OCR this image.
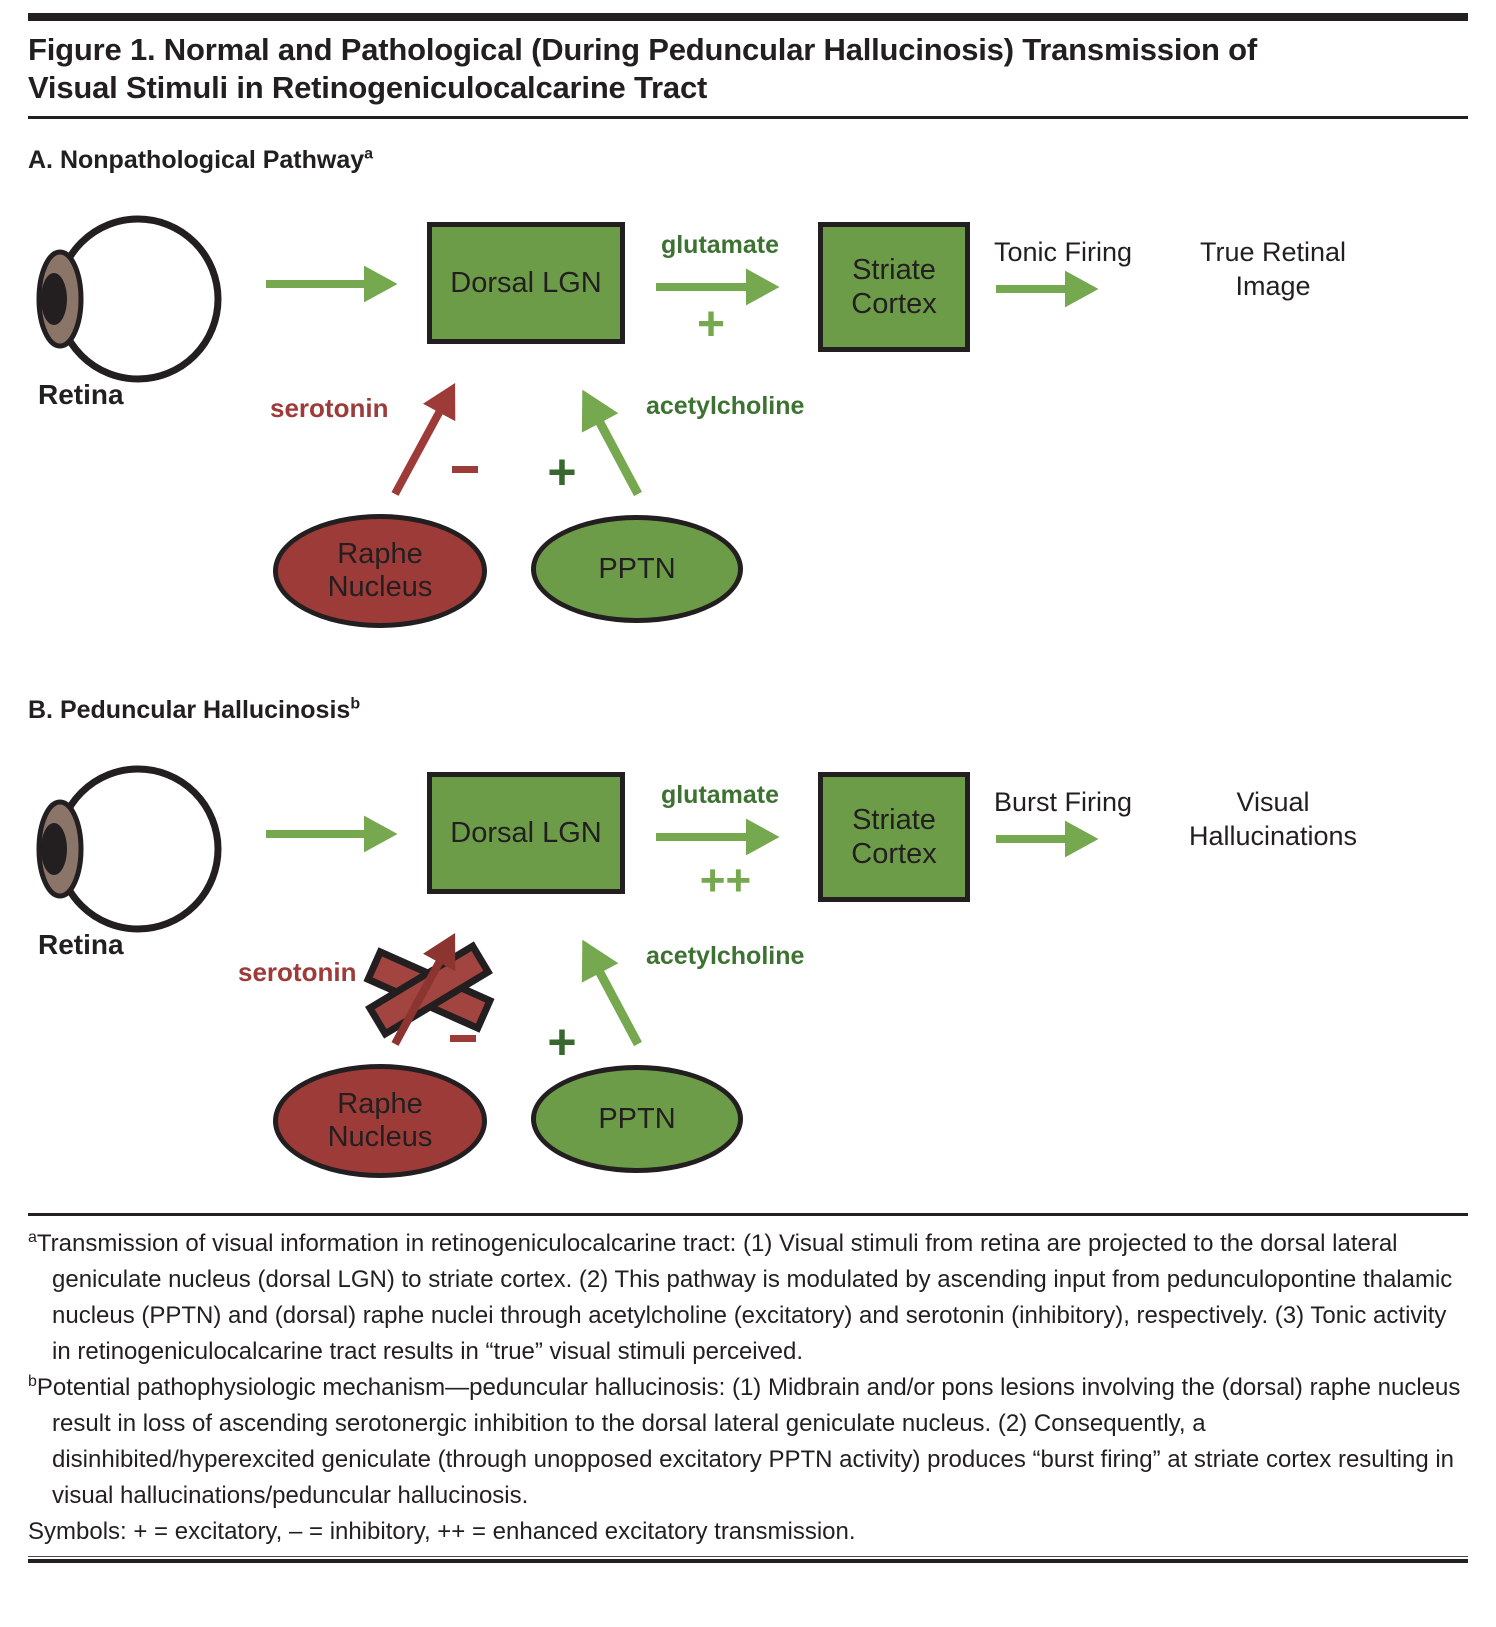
Figure 1. Normal and Pathological (During Peduncular Hallucinosis) Transmission of Visual Stimuli in Retinogeniculocalcarine Tract
A. Nonpathological Pathway$^a$
Retina
Dorsal LGN
glutamate
+
Striate
Cortex
Tonic Firing	True Retinal
Image
serotonin
+
acetylcholine
Raphe
Nucleus
PPTN
B. Peduncular Hallucinosis$^b$
Retina
Dorsal LGN
glutamate
++
Striate
Cortex
Burst Firing	Visual
Hallucinations
serotonin
+
acetylcholine
Raphe
Nucleus
PPTN

$^a$Transmission of visual information in retinogeniculocalcarine tract: (1) Visual stimuli from retina are projected to the dorsal lateral geniculate nucleus (dorsal LGN) to striate cortex. (2) This pathway is modulated by ascending input from pedunculopontine thalamic nucleus (PPTN) and (dorsal) raphe nuclei through acetylcholine (excitatory) and serotonin (inhibitory), respectively. (3) Tonic activity in retinogeniculocalcarine tract results in “true” visual stimuli perceived.

$^b$Potential pathophysiologic mechanism—peduncular hallucinosis: (1) Midbrain and/or pons lesions involving the (dorsal) raphe nucleus result in loss of ascending serotonergic inhibition to the dorsal lateral geniculate nucleus. (2) Consequently, a disinhibited/hyperexcited geniculate (through unopposed excitatory PPTN activity) produces “burst firing” at striate cortex resulting in visual hallucinations/peduncular hallucinosis.

Symbols: + = excitatory, – = inhibitory, ++ = enhanced excitatory transmission.
